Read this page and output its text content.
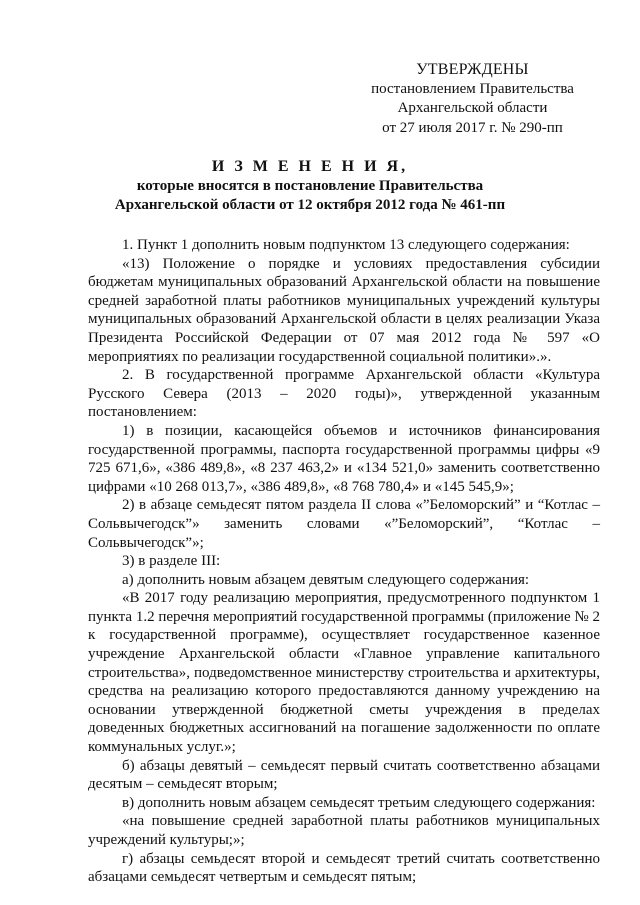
УТВЕРЖДЕНЫ
постановлением Правительства
Архангельской области
от 27 июля 2017 г. № 290-пп
И З М Е Н Е Н И Я,
которые вносятся в постановление Правительства
Архангельской области от 12 октября 2012 года № 461-пп

1. Пункт 1 дополнить новым подпунктом 13 следующего содержания:

«13) Положение о порядке и условиях предоставления субсидии бюджетам муниципальных образований Архангельской области на повышение средней заработной платы работников муниципальных учреждений культуры муниципальных образований Архангельской области в целях реализации Указа Президента Российской Федерации от 07 мая 2012 года № 597 «О мероприятиях по реализации государственной социальной политики».».

2. В государственной программе Архангельской области «Культура Русского Севера (2013 – 2020 годы)», утвержденной указанным постановлением:

1) в позиции, касающейся объемов и источников финансирования государственной программы, паспорта государственной программы цифры «9 725 671,6», «386 489,8», «8 237 463,2» и «134 521,0» заменить соответственно цифрами «10 268 013,7», «386 489,8», «8 768 780,4» и «145 545,9»;

2) в абзаце семьдесят пятом раздела II слова «”Беломорский” и “Котлас – Сольвычегодск”» заменить словами «”Беломорский”, “Котлас – Сольвычегодск”»;

3) в разделе III:

а) дополнить новым абзацем девятым следующего содержания:

«В 2017 году реализацию мероприятия, предусмотренного подпунктом 1 пункта 1.2 перечня мероприятий государственной программы (приложение № 2 к государственной программе), осуществляет государственное казенное учреждение Архангельской области «Главное управление капитального строительства», подведомственное министерству строительства и архитектуры, средства на реализацию которого предоставляются данному учреждению на основании утвержденной бюджетной сметы учреждения в пределах доведенных бюджетных ассигнований на погашение задолженности по оплате коммунальных услуг.»;

б) абзацы девятый – семьдесят первый считать соответственно абзацами десятым – семьдесят вторым;

в) дополнить новым абзацем семьдесят третьим следующего содержания:

«на повышение средней заработной платы работников муниципальных учреждений культуры;»;

г) абзацы семьдесят второй и семьдесят третий считать соответственно абзацами семьдесят четвертым и семьдесят пятым;
